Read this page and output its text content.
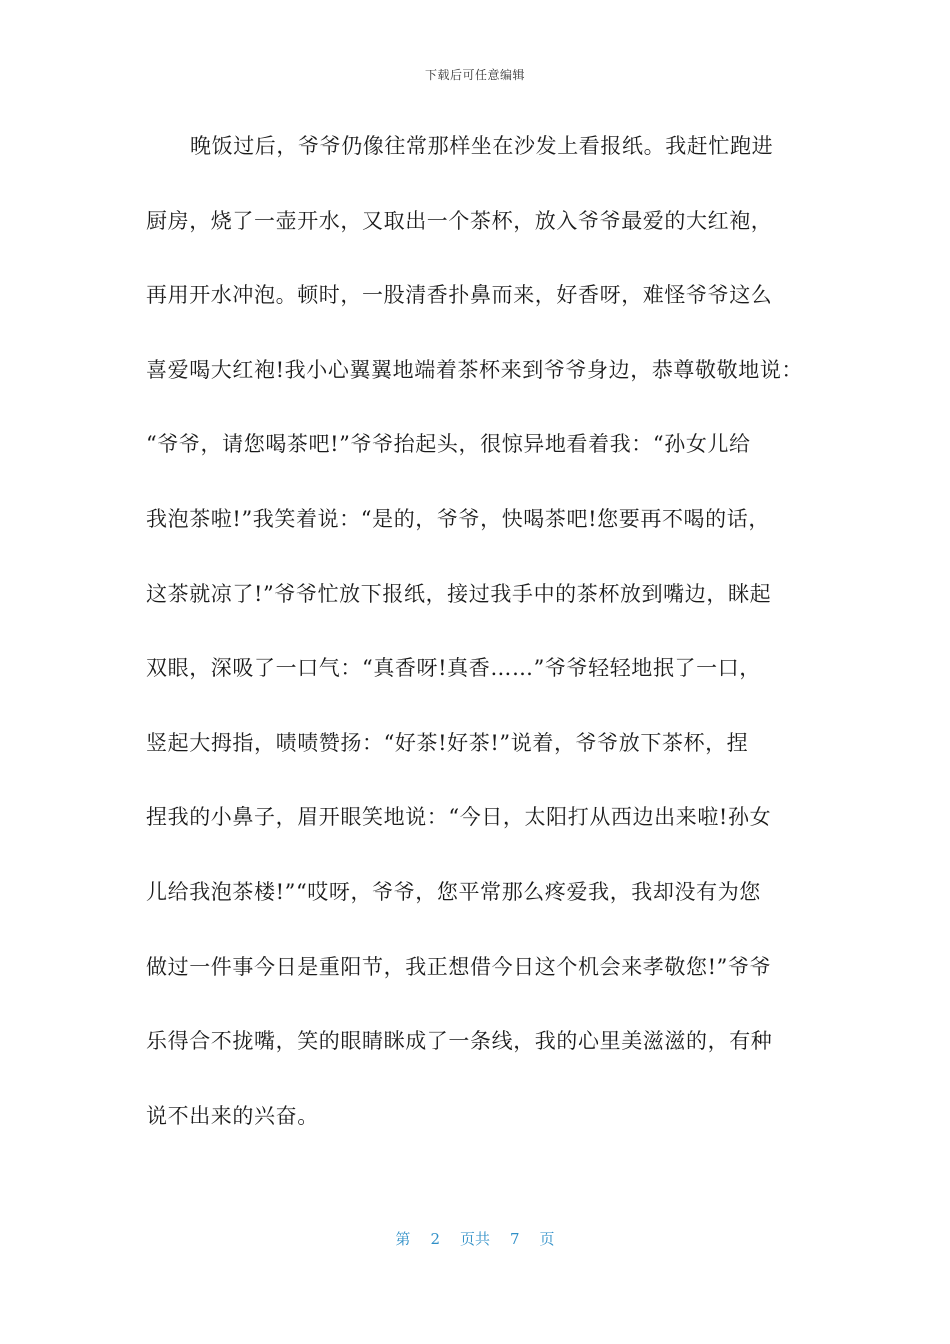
下载后可任意编辑
晚饭过后，爷爷仍像往常那样坐在沙发上看报纸。我赶忙跑进
厨房，烧了一壶开水，又取出一个茶杯，放入爷爷最爱的大红袍，
再用开水冲泡。顿时，一股清香扑鼻而来，好香呀，难怪爷爷这么
喜爱喝大红袍!我小心翼翼地端着茶杯来到爷爷身边，恭尊敬敬地说：
“爷爷，请您喝茶吧!”爷爷抬起头，很惊异地看着我：“孙女儿给
我泡茶啦!”我笑着说：“是的，爷爷，快喝茶吧!您要再不喝的话，
这茶就凉了!”爷爷忙放下报纸，接过我手中的茶杯放到嘴边，眯起
双眼，深吸了一口气：“真香呀!真香……”爷爷轻轻地抿了一口，
竖起大拇指，啧啧赞扬：“好茶!好茶!”说着，爷爷放下茶杯，捏
捏我的小鼻子，眉开眼笑地说：“今日，太阳打从西边出来啦!孙女
儿给我泡茶楼!”“哎呀，爷爷，您平常那么疼爱我，我却没有为您
做过一件事今日是重阳节，我正想借今日这个机会来孝敬您!”爷爷
乐得合不拢嘴，笑的眼睛眯成了一条线，我的心里美滋滋的，有种
说不出来的兴奋。
第 2 页共 7 页
